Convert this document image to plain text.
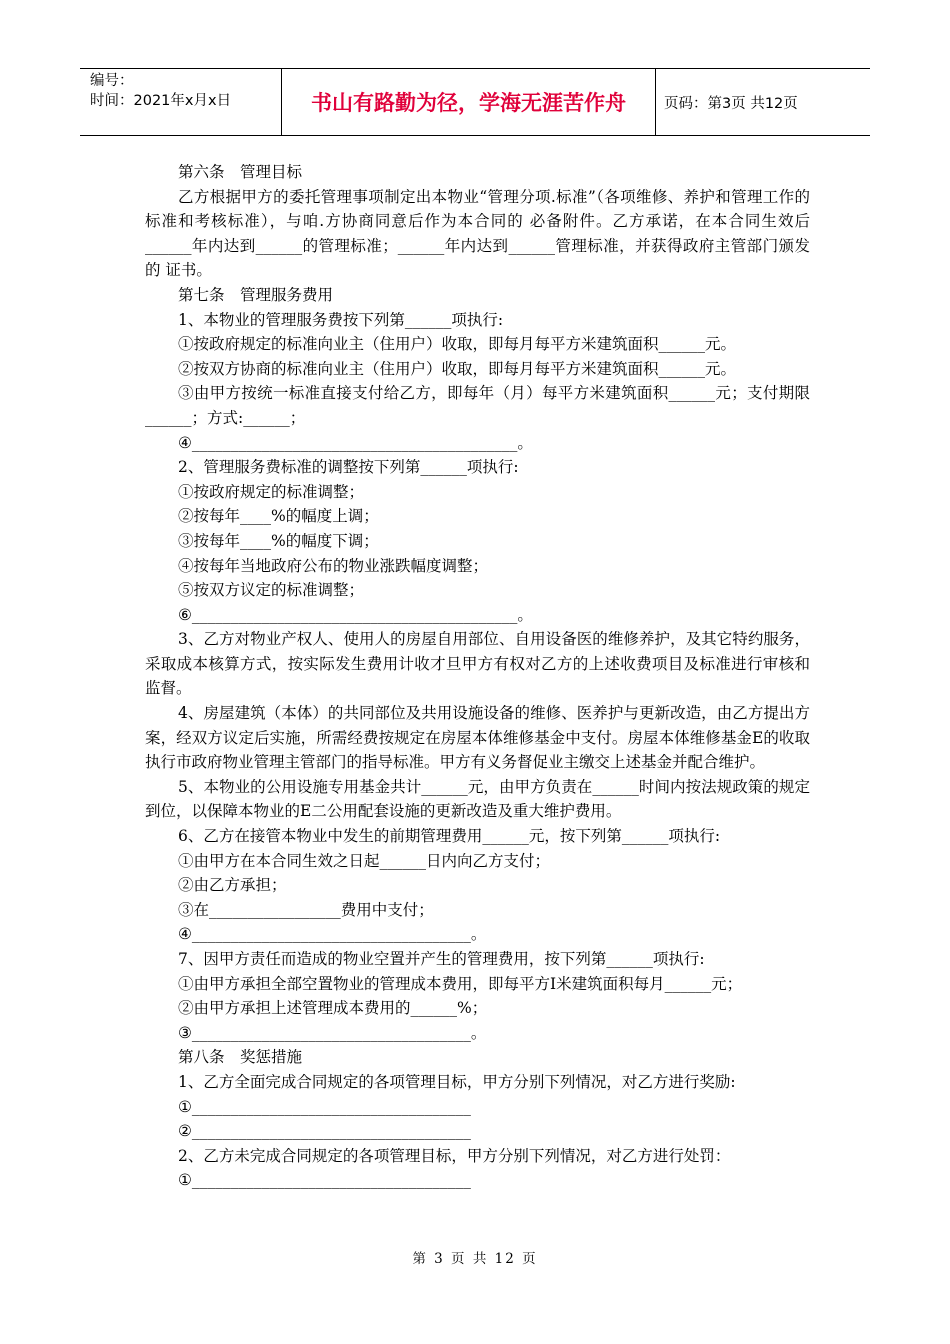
编号：
时间：2021年x月x日	书山有路勤为径，学海无涯苦作舟	页码：第3页 共12页

第六条　管理目标

乙方根据甲方的委托管理事项制定出本物业“管理分项.标准”（各项维修、养护和管理工作的标准和考核标准），与咱.方协商同意后作为本合同的 必备附件。乙方承诺，在本合同生效后______年内达到______的管理标准；______年内达到______管理标准，并获得政府主管部门颁发的 证书。

第七条　管理服务费用

1、本物业的管理服务费按下列第______项执行:

①按政府规定的标准向业主（住用户）收取，即每月每平方米建筑面积______元。

②按双方协商的标准向业主（住用户）收取，即每月每平方米建筑面积______元。

③由甲方按统一标准直接支付给乙方，即每年（月）每平方米建筑面积______元；支付期限______；方式:______；

④__________________________________________。

2、管理服务费标准的调整按下列第______项执行:

①按政府规定的标准调整；

②按每年____%的幅度上调；

③按每年____%的幅度下调；

④按每年当地政府公布的物业涨跌幅度调整；

⑤按双方议定的标准调整；

⑥__________________________________________。

3、乙方对物业产权人、使用人的房屋自用部位、自用设备医的维修养护，及其它特约服务，采取成本核算方式，按实际发生费用计收才旦甲方有权对乙方的上述收费项目及标准进行审核和监督。

4、房屋建筑（本体）的共同部位及共用设施设备的维修、医养护与更新改造，由乙方提出方案，经双方议定后实施，所需经费按规定在房屋本体维修基金中支付。房屋本体维修基金E的收取执行市政府物业管理主管部门的指导标准。甲方有义务督促业主缴交上述基金并配合维护。

5、本物业的公用设施专用基金共计______元，由甲方负责在______时间内按法规政策的规定到位，以保障本物业的E二公用配套设施的更新改造及重大维护费用。

6、乙方在接管本物业中发生的前期管理费用______元，按下列第______项执行:

①由甲方在本合同生效之日起______日内向乙方支付；

②由乙方承担；

③在_________________费用中支付；

④____________________________________。

7、因甲方责任而造成的物业空置并产生的管理费用，按下列第______项执行:

①由甲方承担全部空置物业的管理成本费用，即每平方I米建筑面积每月______元；

②由甲方承担上述管理成本费用的______%；

③____________________________________。

第八条　奖惩措施

1、乙方全面完成合同规定的各项管理目标，甲方分别下列情况，对乙方进行奖励:

①____________________________________

②____________________________________

2、乙方未完成合同规定的各项管理目标，甲方分别下列情况，对乙方进行处罚：

①____________________________________

第 3 页 共 12 页
